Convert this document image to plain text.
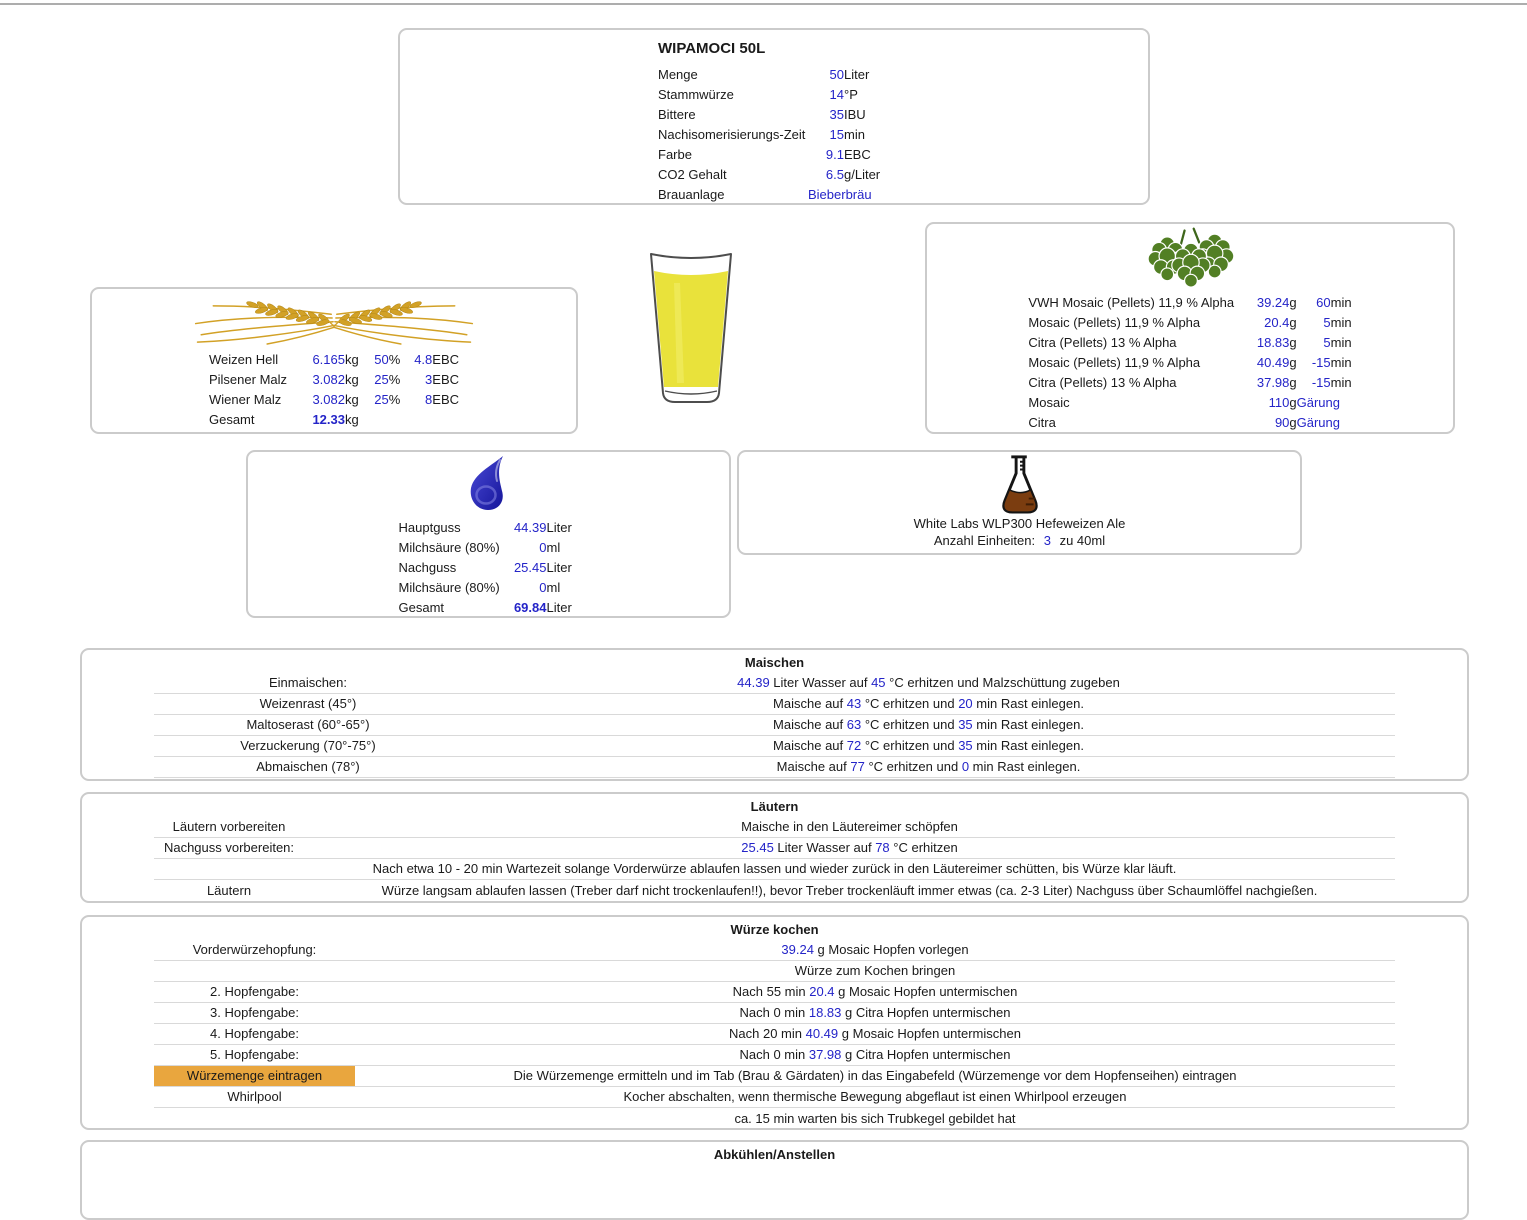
WIPAMOCI 50L
Menge	50	Liter
Stammwürze	14	°P
Bittere	35	IBU
Nachisomerisierungs-Zeit	15	min
Farbe	9.1	EBC
CO2 Gehalt	6.5	g/Liter
Brauanlage	Bieberbräu	
Weizen Hell	6.165	kg	50	%	4.8	EBC
Pilsener Malz	3.082	kg	25	%	3	EBC
Wiener Malz	3.082	kg	25	%	8	EBC
Gesamt	12.33	kg				
VWH Mosaic (Pellets) 11,9 % Alpha	39.24	g	60	min
Mosaic (Pellets) 11,9 % Alpha	20.4	g	5	min
Citra (Pellets) 13 % Alpha	18.83	g	5	min
Mosaic (Pellets) 11,9 % Alpha	40.49	g	-15	min
Citra (Pellets) 13 % Alpha	37.98	g	-15	min
Mosaic	110	g	Gärung	
Citra	90	g	Gärung	
Hauptguss	44.39	Liter
Milchsäure (80%)	0	ml
Nachguss	25.45	Liter
Milchsäure (80%)	0	ml
Gesamt	69.84	Liter
White Labs WLP300 Hefeweizen Ale
Anzahl Einheiten: 3 zu 40ml
Maischen
Einmaischen:	44.39 Liter Wasser auf 45 °C erhitzen und Malzschüttung zugeben
Weizenrast (45°)	Maische auf 43 °C erhitzen und 20 min Rast einlegen.
Maltoserast (60°-65°)	Maische auf 63 °C erhitzen und 35 min Rast einlegen.
Verzuckerung (70°-75°)	Maische auf 72 °C erhitzen und 35 min Rast einlegen.
Abmaischen (78°)	Maische auf 77 °C erhitzen und 0 min Rast einlegen.
Läutern
Läutern vorbereiten	Maische in den Läutereimer schöpfen
Nachguss vorbereiten:	25.45 Liter Wasser auf 78 °C erhitzen
Nach etwa 10 - 20 min Wartezeit solange Vorderwürze ablaufen lassen und wieder zurück in den Läutereimer schütten, bis Würze klar läuft.
Läutern	Würze langsam ablaufen lassen (Treber darf nicht trockenlaufen!!), bevor Treber trockenläuft immer etwas (ca. 2-3 Liter) Nachguss über Schaumlöffel nachgießen.
Würze kochen
Vorderwürzehopfung:	39.24 g Mosaic Hopfen vorlegen
Würze zum Kochen bringen
2. Hopfengabe:	Nach 55 min 20.4 g Mosaic Hopfen untermischen
3. Hopfengabe:	Nach 0 min 18.83 g Citra Hopfen untermischen
4. Hopfengabe:	Nach 20 min 40.49 g Mosaic Hopfen untermischen
5. Hopfengabe:	Nach 0 min 37.98 g Citra Hopfen untermischen
Würzemenge eintragen	Die Würzemenge ermitteln und im Tab (Brau & Gärdaten) in das Eingabefeld (Würzemenge vor dem Hopfenseihen) eintragen
Whirlpool	Kocher abschalten, wenn thermische Bewegung abgeflaut ist einen Whirlpool erzeugen
ca. 15 min warten bis sich Trubkegel gebildet hat
Abkühlen/Anstellen
